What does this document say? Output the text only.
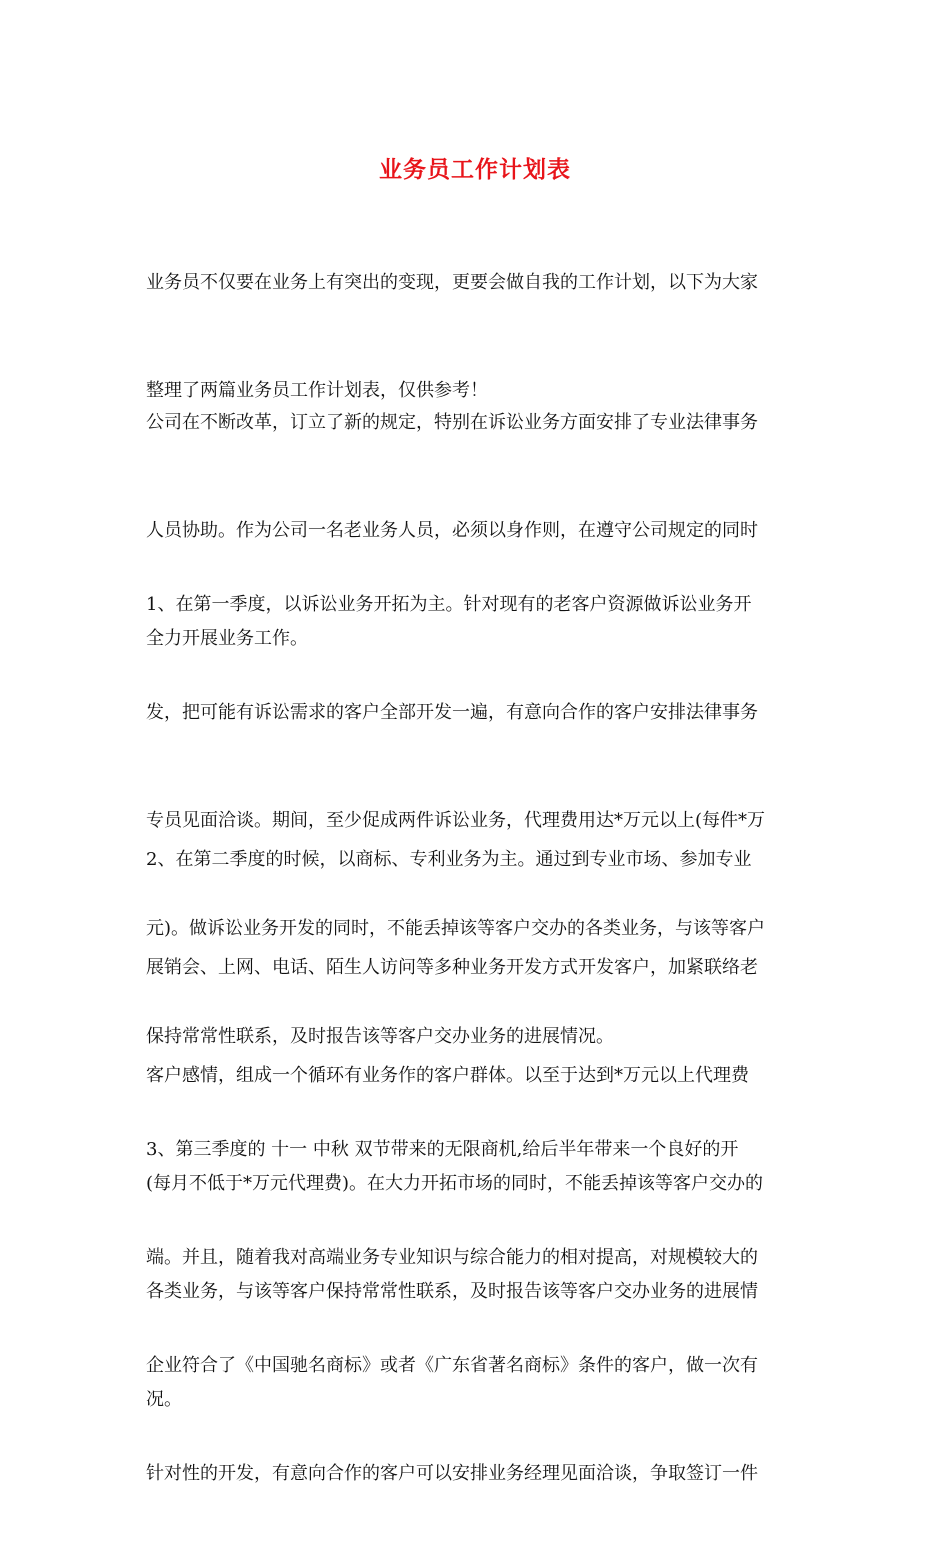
业务员工作计划表

业务员不仅要在业务上有突出的变现，更要会做自我的工作计划，以下为大家

整理了两篇业务员工作计划表，仅供参考！

公司在不断改革，订立了新的规定，特别在诉讼业务方面安排了专业法律事务

人员协助。作为公司一名老业务人员，必须以身作则，在遵守公司规定的同时

全力开展业务工作。

1、在第一季度，以诉讼业务开拓为主。针对现有的老客户资源做诉讼业务开

发，把可能有诉讼需求的客户全部开发一遍，有意向合作的客户安排法律事务

专员见面洽谈。期间，至少促成两件诉讼业务，代理费用达*万元以上(每件*万

元)。做诉讼业务开发的同时，不能丢掉该等客户交办的各类业务，与该等客户

保持常常性联系，及时报告该等客户交办业务的进展情况。

2、在第二季度的时候，以商标、专利业务为主。通过到专业市场、参加专业

展销会、上网、电话、陌生人访问等多种业务开发方式开发客户，加紧联络老

客户感情，组成一个循环有业务作的客户群体。以至于达到*万元以上代理费

(每月不低于*万元代理费)。在大力开拓市场的同时，不能丢掉该等客户交办的

各类业务，与该等客户保持常常性联系，及时报告该等客户交办业务的进展情

况。

3、第三季度的 十一 中秋 双节带来的无限商机,给后半年带来一个良好的开

端。并且，随着我对高端业务专业知识与综合能力的相对提高，对规模较大的

企业符合了《中国驰名商标》或者《广东省著名商标》条件的客户，做一次有

针对性的开发，有意向合作的客户可以安排业务经理见面洽谈，争取签订一件
